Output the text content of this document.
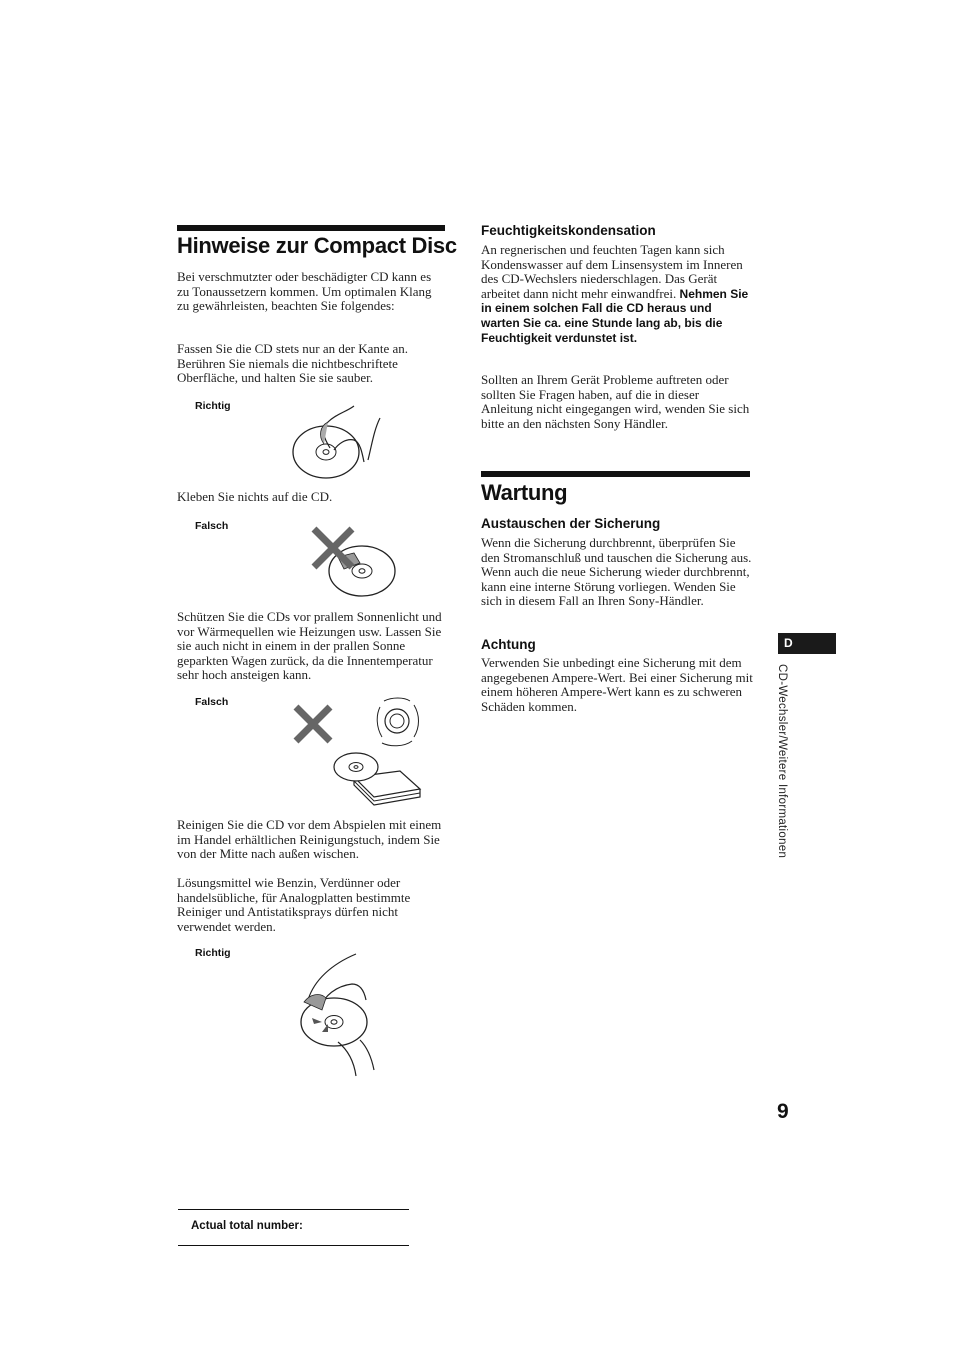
Hinweise zur Compact Disc
Bei verschmutzter oder beschädigter CD kann es zu Tonaussetzern kommen. Um optimalen Klang zu gewährleisten, beachten Sie folgendes:
Fassen Sie die CD stets nur an der Kante an. Berühren Sie niemals die nichtbeschriftete Oberfläche, und halten Sie sie sauber.
Richtig
Kleben Sie nichts auf die CD.
Falsch
Schützen Sie die CDs vor prallem Sonnenlicht und vor Wärmequellen wie Heizungen usw. Lassen Sie sie auch nicht in einem in der prallen Sonne geparkten Wagen zurück, da die Innentemperatur sehr hoch ansteigen kann.
Falsch
Reinigen Sie die CD vor dem Abspielen mit einem im Handel erhältlichen Reinigungstuch, indem Sie von der Mitte nach außen wischen.
Lösungsmittel wie Benzin, Verdünner oder handelsübliche, für Analogplatten bestimmte Reiniger und Antistatiksprays dürfen nicht verwendet werden.
Richtig
Actual total number:
Feuchtigkeitskondensation
An regnerischen und feuchten Tagen kann sich Kondenswasser auf dem Linsensystem im Inneren des CD-Wechslers niederschlagen. Das Gerät arbeitet dann nicht mehr einwandfrei. Nehmen Sie in einem solchen Fall die CD heraus und warten Sie ca. eine Stunde lang ab, bis die Feuchtigkeit verdunstet ist.
Sollten an Ihrem Gerät Probleme auftreten oder sollten Sie Fragen haben, auf die in dieser Anleitung nicht eingegangen wird, wenden Sie sich bitte an den nächsten Sony Händler.
Wartung
Austauschen der Sicherung
Wenn die Sicherung durchbrennt, überprüfen Sie den Stromanschluß und tauschen die Sicherung aus. Wenn auch die neue Sicherung wieder durchbrennt, kann eine interne Störung vorliegen. Wenden Sie sich in diesem Fall an Ihren Sony-Händler.
Achtung
Verwenden Sie unbedingt eine Sicherung mit dem angegebenen Ampere-Wert. Bei einer Sicherung mit einem höheren Ampere-Wert kann es zu schweren Schäden kommen.
D
CD-Wechsler/Weitere Informationen
9
